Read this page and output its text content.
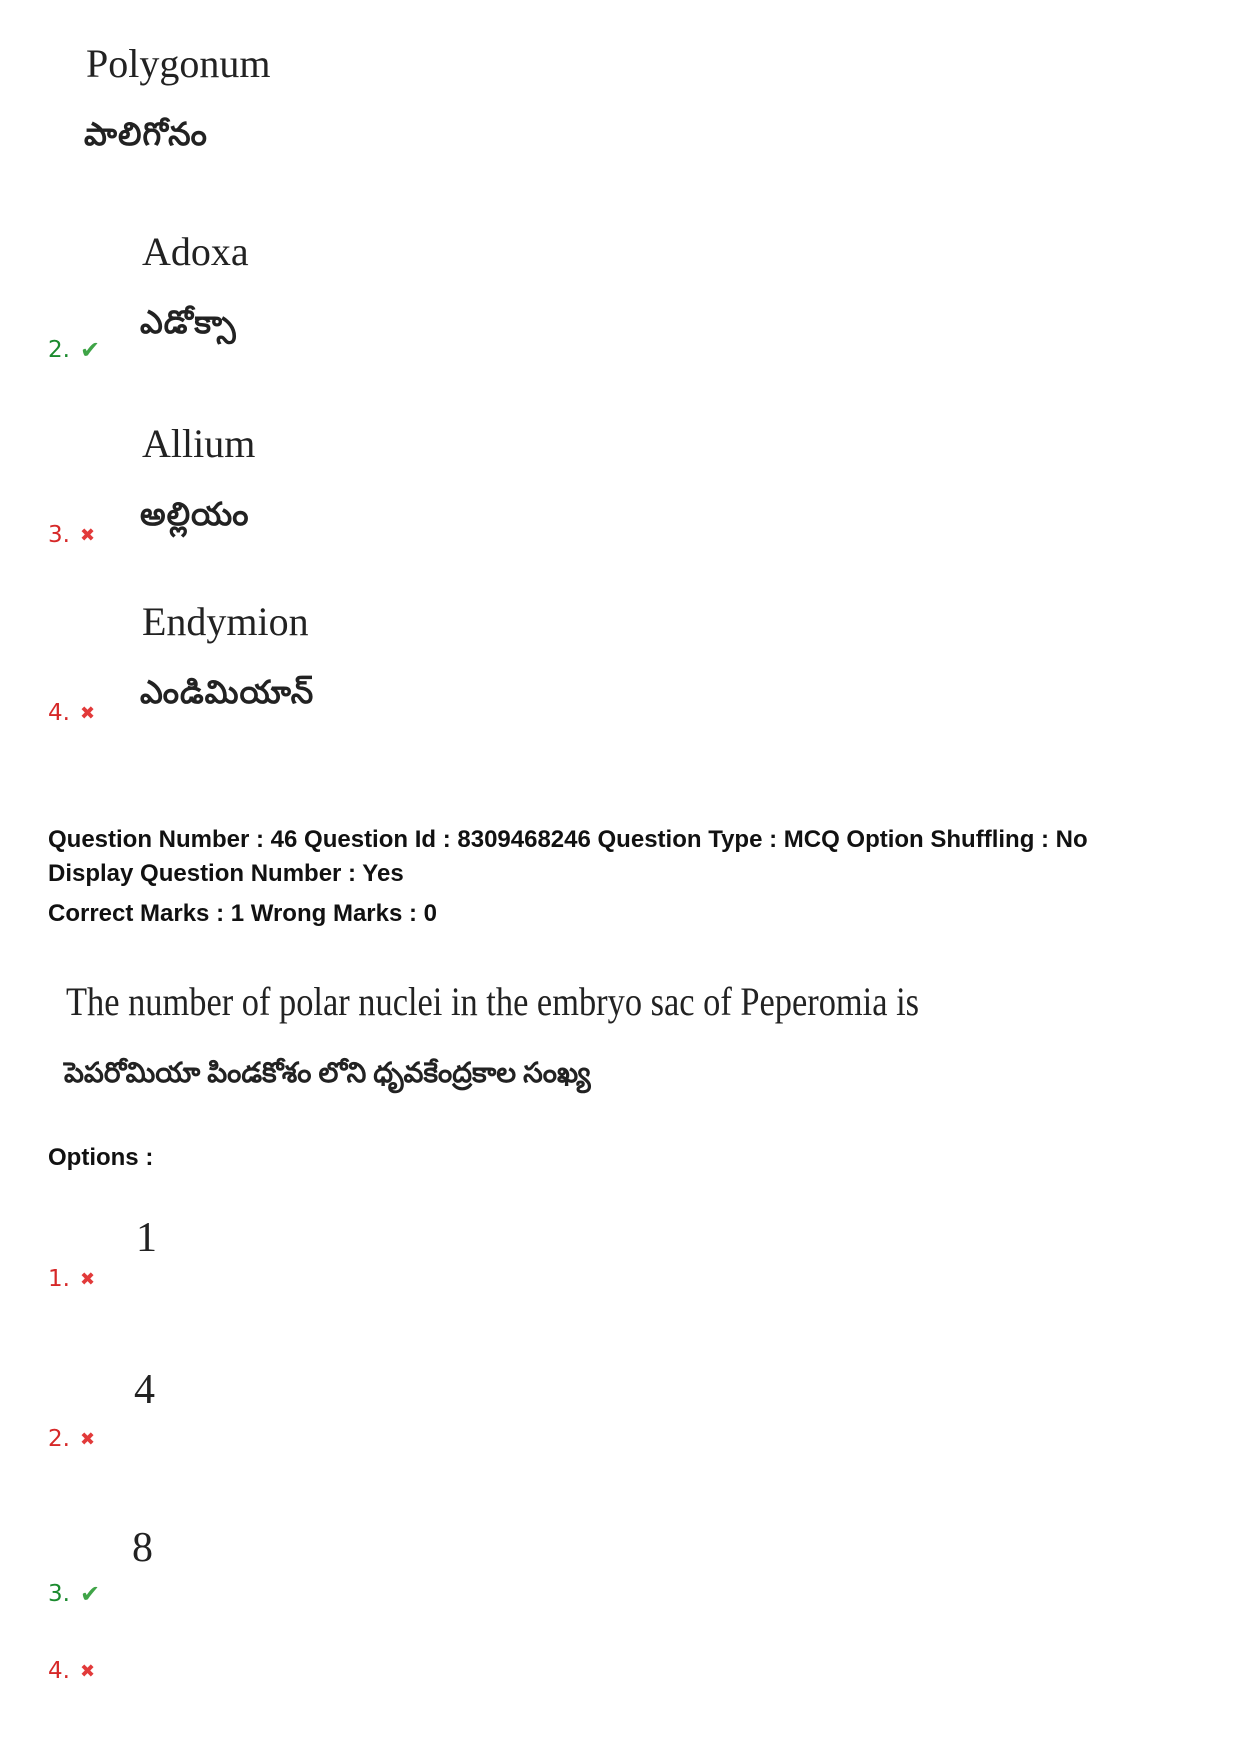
Polygonum
పాలిగోనం
Adoxa
ఎడోక్సా
2. ✔
Allium
అల్లియం
3. ✖
Endymion
ఎండిమియాన్
4. ✖
Question Number : 46 Question Id : 8309468246 Question Type : MCQ Option Shuffling : No
Display Question Number : Yes
Correct Marks : 1 Wrong Marks : 0
The number of polar nuclei in the embryo sac of Peperomia is
పెపరోమియా పిండకోశం లోని ధృవకేంద్రకాల సంఖ్య
Options :
1
1. ✖
4
2. ✖
8
3. ✔
4. ✖
